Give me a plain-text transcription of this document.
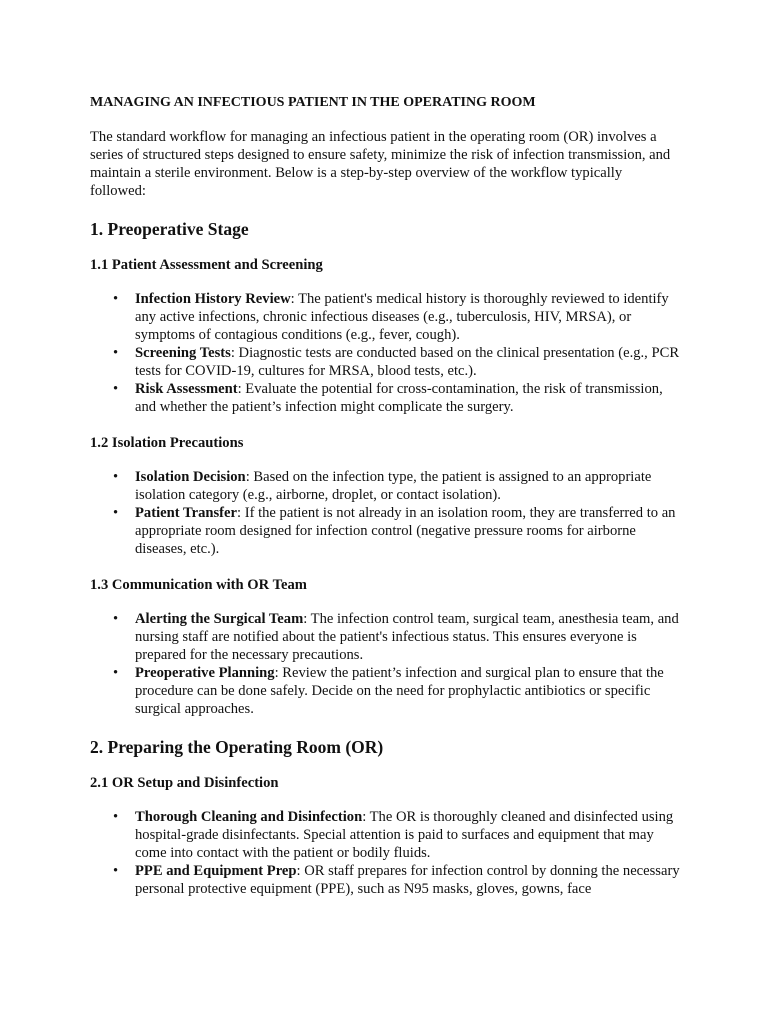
MANAGING AN INFECTIOUS PATIENT IN THE OPERATING ROOM

The standard workflow for managing an infectious patient in the operating room (OR) involves a series of structured steps designed to ensure safety, minimize the risk of infection transmission, and maintain a sterile environment. Below is a step-by-step overview of the workflow typically followed:

1. Preoperative Stage
1.1 Patient Assessment and Screening
• Infection History Review: The patient's medical history is thoroughly reviewed to identify any active infections, chronic infectious diseases (e.g., tuberculosis, HIV, MRSA), or symptoms of contagious conditions (e.g., fever, cough).
• Screening Tests: Diagnostic tests are conducted based on the clinical presentation (e.g., PCR tests for COVID-19, cultures for MRSA, blood tests, etc.).
• Risk Assessment: Evaluate the potential for cross-contamination, the risk of transmission, and whether the patient’s infection might complicate the surgery.
1.2 Isolation Precautions
• Isolation Decision: Based on the infection type, the patient is assigned to an appropriate isolation category (e.g., airborne, droplet, or contact isolation).
• Patient Transfer: If the patient is not already in an isolation room, they are transferred to an appropriate room designed for infection control (negative pressure rooms for airborne diseases, etc.).
1.3 Communication with OR Team
• Alerting the Surgical Team: The infection control team, surgical team, anesthesia team, and nursing staff are notified about the patient's infectious status. This ensures everyone is prepared for the necessary precautions.
• Preoperative Planning: Review the patient’s infection and surgical plan to ensure that the procedure can be done safely. Decide on the need for prophylactic antibiotics or specific surgical approaches.
2. Preparing the Operating Room (OR)
2.1 OR Setup and Disinfection
• Thorough Cleaning and Disinfection: The OR is thoroughly cleaned and disinfected using hospital-grade disinfectants. Special attention is paid to surfaces and equipment that may come into contact with the patient or bodily fluids.
• PPE and Equipment Prep: OR staff prepares for infection control by donning the necessary personal protective equipment (PPE), such as N95 masks, gloves, gowns, face
